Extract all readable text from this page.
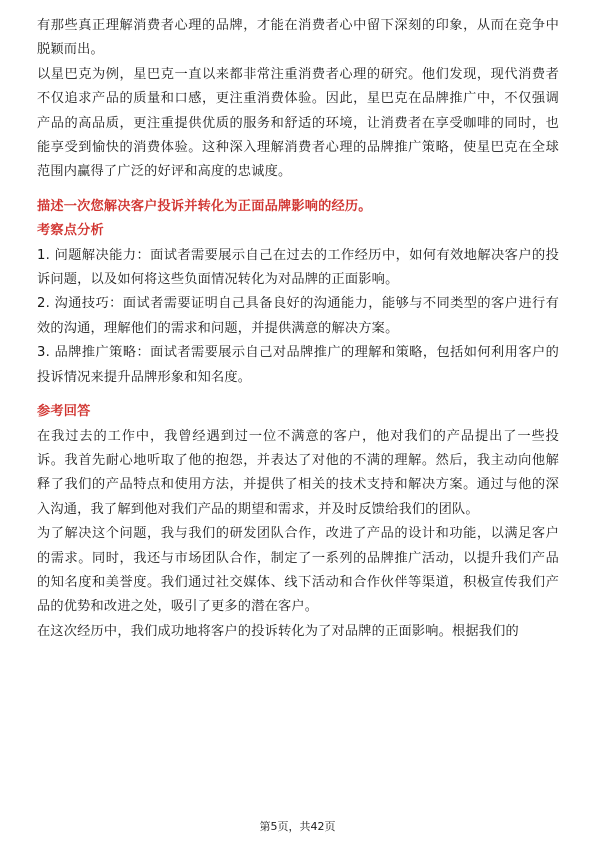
有那些真正理解消费者心理的品牌，才能在消费者心中留下深刻的印象，从而在竞争中脱颖而出。

以星巴克为例，星巴克一直以来都非常注重消费者心理的研究。他们发现，现代消费者不仅追求产品的质量和口感，更注重消费体验。因此，星巴克在品牌推广中，不仅强调产品的高品质，更注重提供优质的服务和舒适的环境，让消费者在享受咖啡的同时，也能享受到愉快的消费体验。这种深入理解消费者心理的品牌推广策略，使星巴克在全球范围内赢得了广泛的好评和高度的忠诚度。

描述一次您解决客户投诉并转化为正面品牌影响的经历。

考察点分析

1. 问题解决能力：面试者需要展示自己在过去的工作经历中，如何有效地解决客户的投诉问题，以及如何将这些负面情况转化为对品牌的正面影响。

2. 沟通技巧：面试者需要证明自己具备良好的沟通能力，能够与不同类型的客户进行有效的沟通，理解他们的需求和问题，并提供满意的解决方案。

3. 品牌推广策略：面试者需要展示自己对品牌推广的理解和策略，包括如何利用客户的投诉情况来提升品牌形象和知名度。

参考回答

在我过去的工作中，我曾经遇到过一位不满意的客户，他对我们的产品提出了一些投诉。我首先耐心地听取了他的抱怨，并表达了对他的不满的理解。然后，我主动向他解释了我们的产品特点和使用方法，并提供了相关的技术支持和解决方案。通过与他的深入沟通，我了解到他对我们产品的期望和需求，并及时反馈给我们的团队。

为了解决这个问题，我与我们的研发团队合作，改进了产品的设计和功能，以满足客户的需求。同时，我还与市场团队合作，制定了一系列的品牌推广活动，以提升我们产品的知名度和美誉度。我们通过社交媒体、线下活动和合作伙伴等渠道，积极宣传我们产品的优势和改进之处，吸引了更多的潜在客户。

在这次经历中，我们成功地将客户的投诉转化为了对品牌的正面影响。根据我们的

第5页，共42页
